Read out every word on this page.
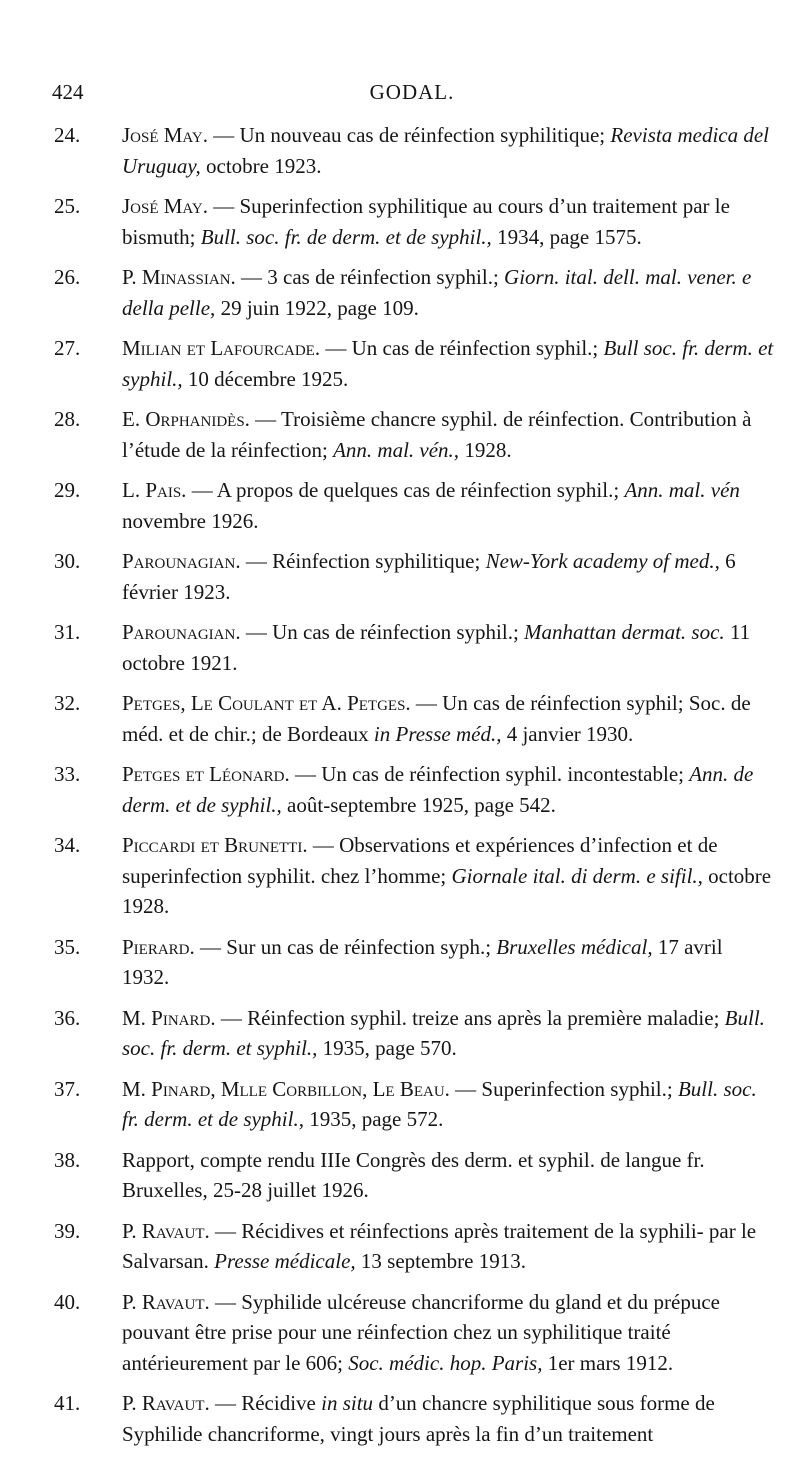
424	GODAL.
24. José May. — Un nouveau cas de réinfection syphilitique; Revista medica del Uruguay, octobre 1923.
25. José May. — Superinfection syphilitique au cours d’un traitement par le bismuth; Bull. soc. fr. de derm. et de syphil., 1934, page 1575.
26. P. Minassian. — 3 cas de réinfection syphil.; Giorn. ital. dell. mal. vener. e della pelle, 29 juin 1922, page 109.
27. Milian et Lafourcade. — Un cas de réinfection syphil.; Bull soc. fr. derm. et syphil., 10 décembre 1925.
28. E. Orphanidès. — Troisième chancre syphil. de réinfection. Contribution à l’étude de la réinfection; Ann. mal. vén., 1928.
29. L. Pais. — A propos de quelques cas de réinfection syphil.; Ann. mal. vén novembre 1926.
30. Parounagian. — Réinfection syphilitique; New-York academy of med., 6 février 1923.
31. Parounagian. — Un cas de réinfection syphil.; Manhattan dermat. soc. 11 octobre 1921.
32. Petges, Le Coulant et A. Petges. — Un cas de réinfection syphil; Soc. de méd. et de chir.; de Bordeaux in Presse méd., 4 janvier 1930.
33. Petges et Léonard. — Un cas de réinfection syphil. incontestable; Ann. de derm. et de syphil., août-septembre 1925, page 542.
34. Piccardi et Brunetti. — Observations et expériences d’infection et de superinfection syphilit. chez l’homme; Giornale ital. di derm. e sifil., octobre 1928.
35. Pierard. — Sur un cas de réinfection syph.; Bruxelles médical, 17 avril 1932.
36. M. Pinard. — Réinfection syphil. treize ans après la première maladie; Bull. soc. fr. derm. et syphil., 1935, page 570.
37. M. Pinard, Mlle Corbillon, Le Beau. — Superinfection syphil.; Bull. soc. fr. derm. et de syphil., 1935, page 572.
38. Rapport, compte rendu IIIe Congrès des derm. et syphil. de langue fr. Bruxelles, 25-28 juillet 1926.
39. P. Ravaut. — Récidives et réinfections après traitement de la syphili- par le Salvarsan. Presse médicale, 13 septembre 1913.
40. P. Ravaut. — Syphilide ulcéreuse chancriforme du gland et du prépuce pouvant être prise pour une réinfection chez un syphilitique traité antérieurement par le 606; Soc. médic. hop. Paris, 1er mars 1912.
41. P. Ravaut. — Récidive in situ d’un chancre syphilitique sous forme de Syphilide chancriforme, vingt jours après la fin d’un traitement
